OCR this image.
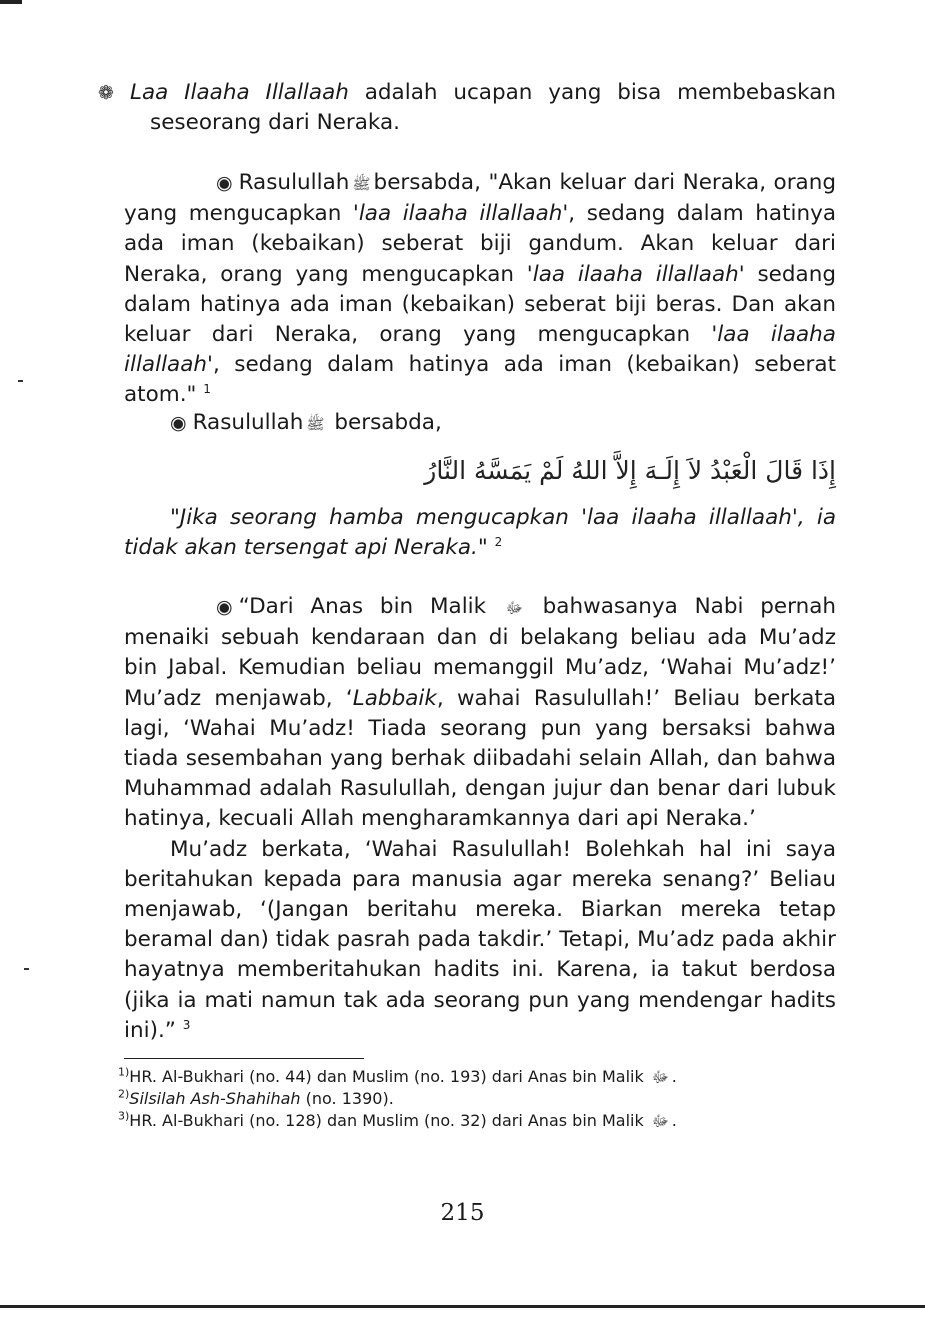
❁ Laa Ilaaha Illallaah adalah ucapan yang bisa membebaskan seseorang dari Neraka.

◉ Rasulullah ﷺ bersabda, "Akan keluar dari Neraka, orang yang mengucapkan 'laa ilaaha illallaah', sedang dalam hatinya ada iman (kebaikan) seberat biji gandum. Akan keluar dari Neraka, orang yang mengucapkan 'laa ilaaha illallaah' sedang dalam hatinya ada iman (kebaikan) seberat biji beras. Dan akan keluar dari Neraka, orang yang mengucapkan 'laa ilaaha illallaah', sedang dalam hatinya ada iman (kebaikan) seberat atom." $^1$

◉ Rasulullah ﷺ bersabda,

إِذَا قَالَ الْعَبْدُ لاَ إِلَـهَ إِلاَّ اللهُ لَمْ يَمَسَّهُ النَّارُ

"Jika seorang hamba mengucapkan 'laa ilaaha illallaah', ia tidak akan tersengat api Neraka." $^2$

◉ “Dari Anas bin Malik ﷻ bahwasanya Nabi pernah menaiki sebuah kendaraan dan di belakang beliau ada Mu’adz bin Jabal. Kemudian beliau memanggil Mu’adz, ‘Wahai Mu’adz!’ Mu’adz menjawab, ‘Labbaik, wahai Rasulullah!’ Beliau berkata lagi, ‘Wahai Mu’adz! Tiada seorang pun yang bersaksi bahwa tiada sesembahan yang berhak diibadahi selain Allah, dan bahwa Muhammad adalah Rasulullah, dengan jujur dan benar dari lubuk hatinya, kecuali Allah mengharamkannya dari api Neraka.’

Mu’adz berkata, ‘Wahai Rasulullah! Bolehkah hal ini saya beritahukan kepada para manusia agar mereka senang?’ Beliau menjawab, ‘(Jangan beritahu mereka. Biarkan mereka tetap beramal dan) tidak pasrah pada takdir.’ Tetapi, Mu’adz pada akhir hayatnya memberitahukan hadits ini. Karena, ia takut berdosa (jika ia mati namun tak ada seorang pun yang mendengar hadits ini).” $^3$

$^{1)}$HR. Al-Bukhari (no. 44) dan Muslim (no. 193) dari Anas bin Malik ﷻ .
$^{2)}$Silsilah Ash-Shahihah (no. 1390).
$^{3)}$HR. Al-Bukhari (no. 128) dan Muslim (no. 32) dari Anas bin Malik ﷻ .
215
